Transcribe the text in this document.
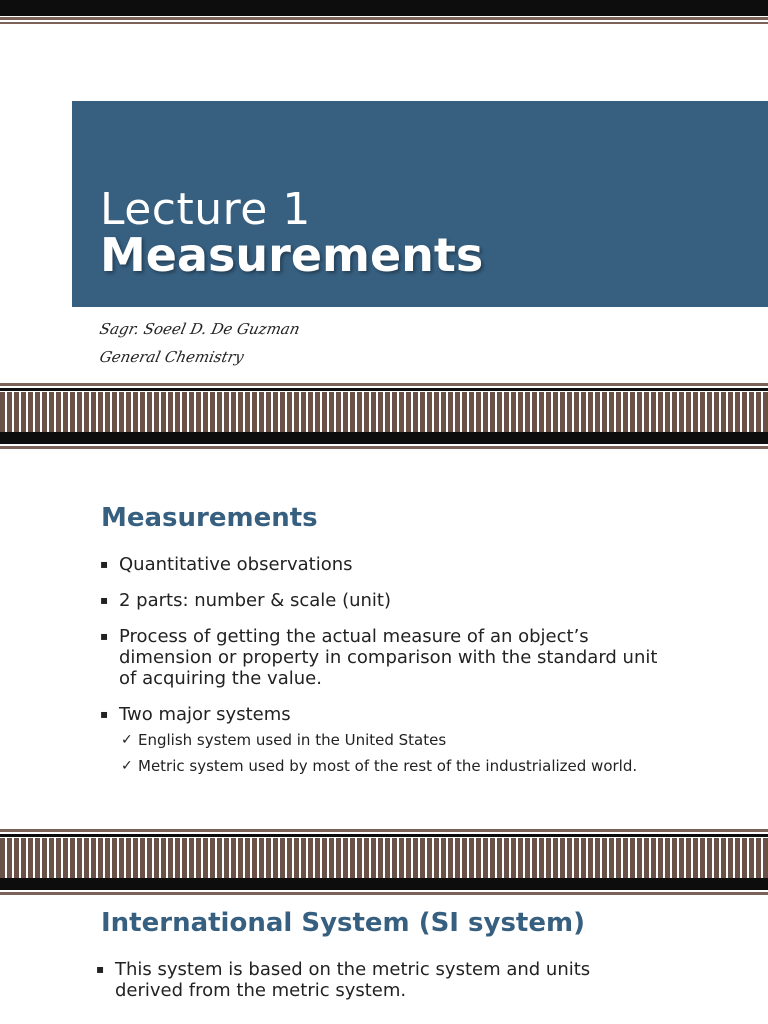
Lecture 1
Measurements
Sagr. Soeel D. De Guzman
General Chemistry
Measurements
▪ Quantitative observations
▪ 2 parts: number & scale (unit)
▪ Process of getting the actual measure of an object’s dimension or property in comparison with the standard unit of acquiring the value.
▪ Two major systems
✓ English system used in the United States
✓ Metric system used by most of the rest of the industrialized world.
International System (SI system)
▪ This system is based on the metric system and units derived from the metric system.
